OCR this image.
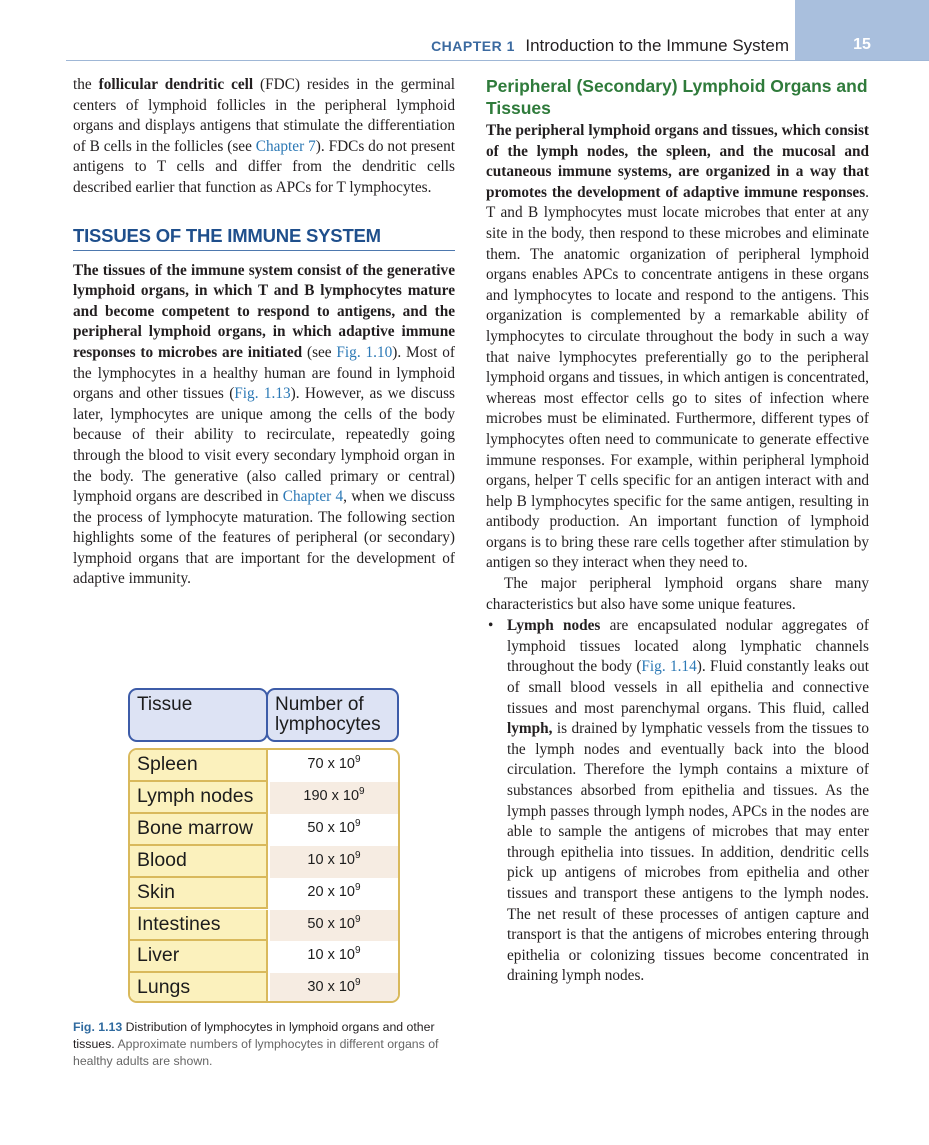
CHAPTER 1 Introduction to the Immune System	15

the follicular dendritic cell (FDC) resides in the germinal centers of lymphoid follicles in the peripheral lymphoid organs and displays antigens that stimulate the differentiation of B cells in the follicles (see Chapter 7). FDCs do not present antigens to T cells and differ from the dendritic cells described earlier that function as APCs for T lymphocytes.

TISSUES OF THE IMMUNE SYSTEM

The tissues of the immune system consist of the generative lymphoid organs, in which T and B lymphocytes mature and become competent to respond to antigens, and the peripheral lymphoid organs, in which adaptive immune responses to microbes are initiated (see Fig. 1.10). Most of the lymphocytes in a healthy human are found in lymphoid organs and other tissues (Fig. 1.13). However, as we discuss later, lymphocytes are unique among the cells of the body because of their ability to recirculate, repeatedly going through the blood to visit every secondary lymphoid organ in the body. The generative (also called primary or central) lymphoid organs are described in Chapter 4, when we discuss the process of lymphocyte maturation. The following section highlights some of the features of peripheral (or secondary) lymphoid organs that are important for the development of adaptive immunity.

Tissue	Number of lymphocytes
Spleen	70 x $10^9$
Lymph nodes	190 x $10^9$
Bone marrow	50 x $10^9$
Blood	10 x $10^9$
Skin	20 x $10^9$
Intestines	50 x $10^9$
Liver	10 x $10^9$
Lungs	30 x $10^9$
Fig. 1.13 Distribution of lymphocytes in lymphoid organs and other tissues. Approximate numbers of lymphocytes in different organs of healthy adults are shown.
Peripheral (Secondary) Lymphoid Organs and Tissues

The peripheral lymphoid organs and tissues, which consist of the lymph nodes, the spleen, and the mucosal and cutaneous immune systems, are organized in a way that promotes the development of adaptive immune responses. T and B lymphocytes must locate microbes that enter at any site in the body, then respond to these microbes and eliminate them. The anatomic organization of peripheral lymphoid organs enables APCs to concentrate antigens in these organs and lymphocytes to locate and respond to the antigens. This organization is complemented by a remarkable ability of lymphocytes to circulate throughout the body in such a way that naive lymphocytes preferentially go to the peripheral lymphoid organs and tissues, in which antigen is concentrated, whereas most effector cells go to sites of infection where microbes must be eliminated. Furthermore, different types of lymphocytes often need to communicate to generate effective immune responses. For example, within peripheral lymphoid organs, helper T cells specific for an antigen interact with and help B lymphocytes specific for the same antigen, resulting in antibody production. An important function of lymphoid organs is to bring these rare cells together after stimulation by antigen so they interact when they need to.

The major peripheral lymphoid organs share many characteristics but also have some unique features.

• Lymph nodes are encapsulated nodular aggregates of lymphoid tissues located along lymphatic channels throughout the body (Fig. 1.14). Fluid constantly leaks out of small blood vessels in all epithelia and connective tissues and most parenchymal organs. This fluid, called lymph, is drained by lymphatic vessels from the tissues to the lymph nodes and eventually back into the blood circulation. Therefore the lymph contains a mixture of substances absorbed from epithelia and tissues. As the lymph passes through lymph nodes, APCs in the nodes are able to sample the antigens of microbes that may enter through epithelia into tissues. In addition, dendritic cells pick up antigens of microbes from epithelia and other tissues and transport these antigens to the lymph nodes. The net result of these processes of antigen capture and transport is that the antigens of microbes entering through epithelia or colonizing tissues become concentrated in draining lymph nodes.
